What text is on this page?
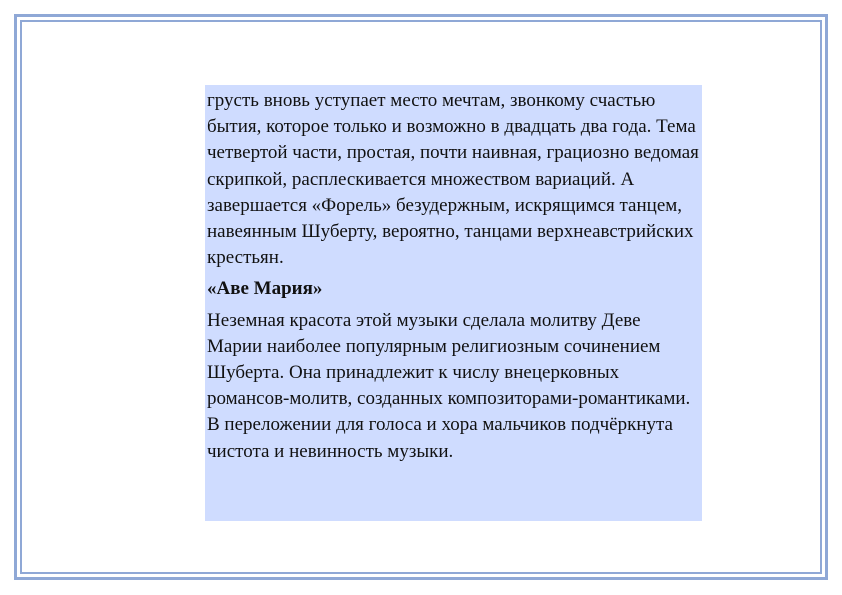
грусть вновь уступает место мечтам, звонкому счастью бытия, которое только и возможно в двадцать два года. Тема четвертой части, простая, почти наивная, грациозно ведомая скрипкой, расплескивается множеством вариаций. А завершается «Форель» безудержным, искрящимся танцем, навеянным Шуберту, вероятно, танцами верхнеавстрийских крестьян.

«Аве Мария»

Неземная красота этой музыки сделала молитву Деве Марии наиболее популярным религиозным сочинением Шуберта. Она принадлежит к числу внецерковных романсов-молитв, созданных композиторами-романтиками. В переложении для голоса и хора мальчиков подчёркнута чистота и невинность музыки.
